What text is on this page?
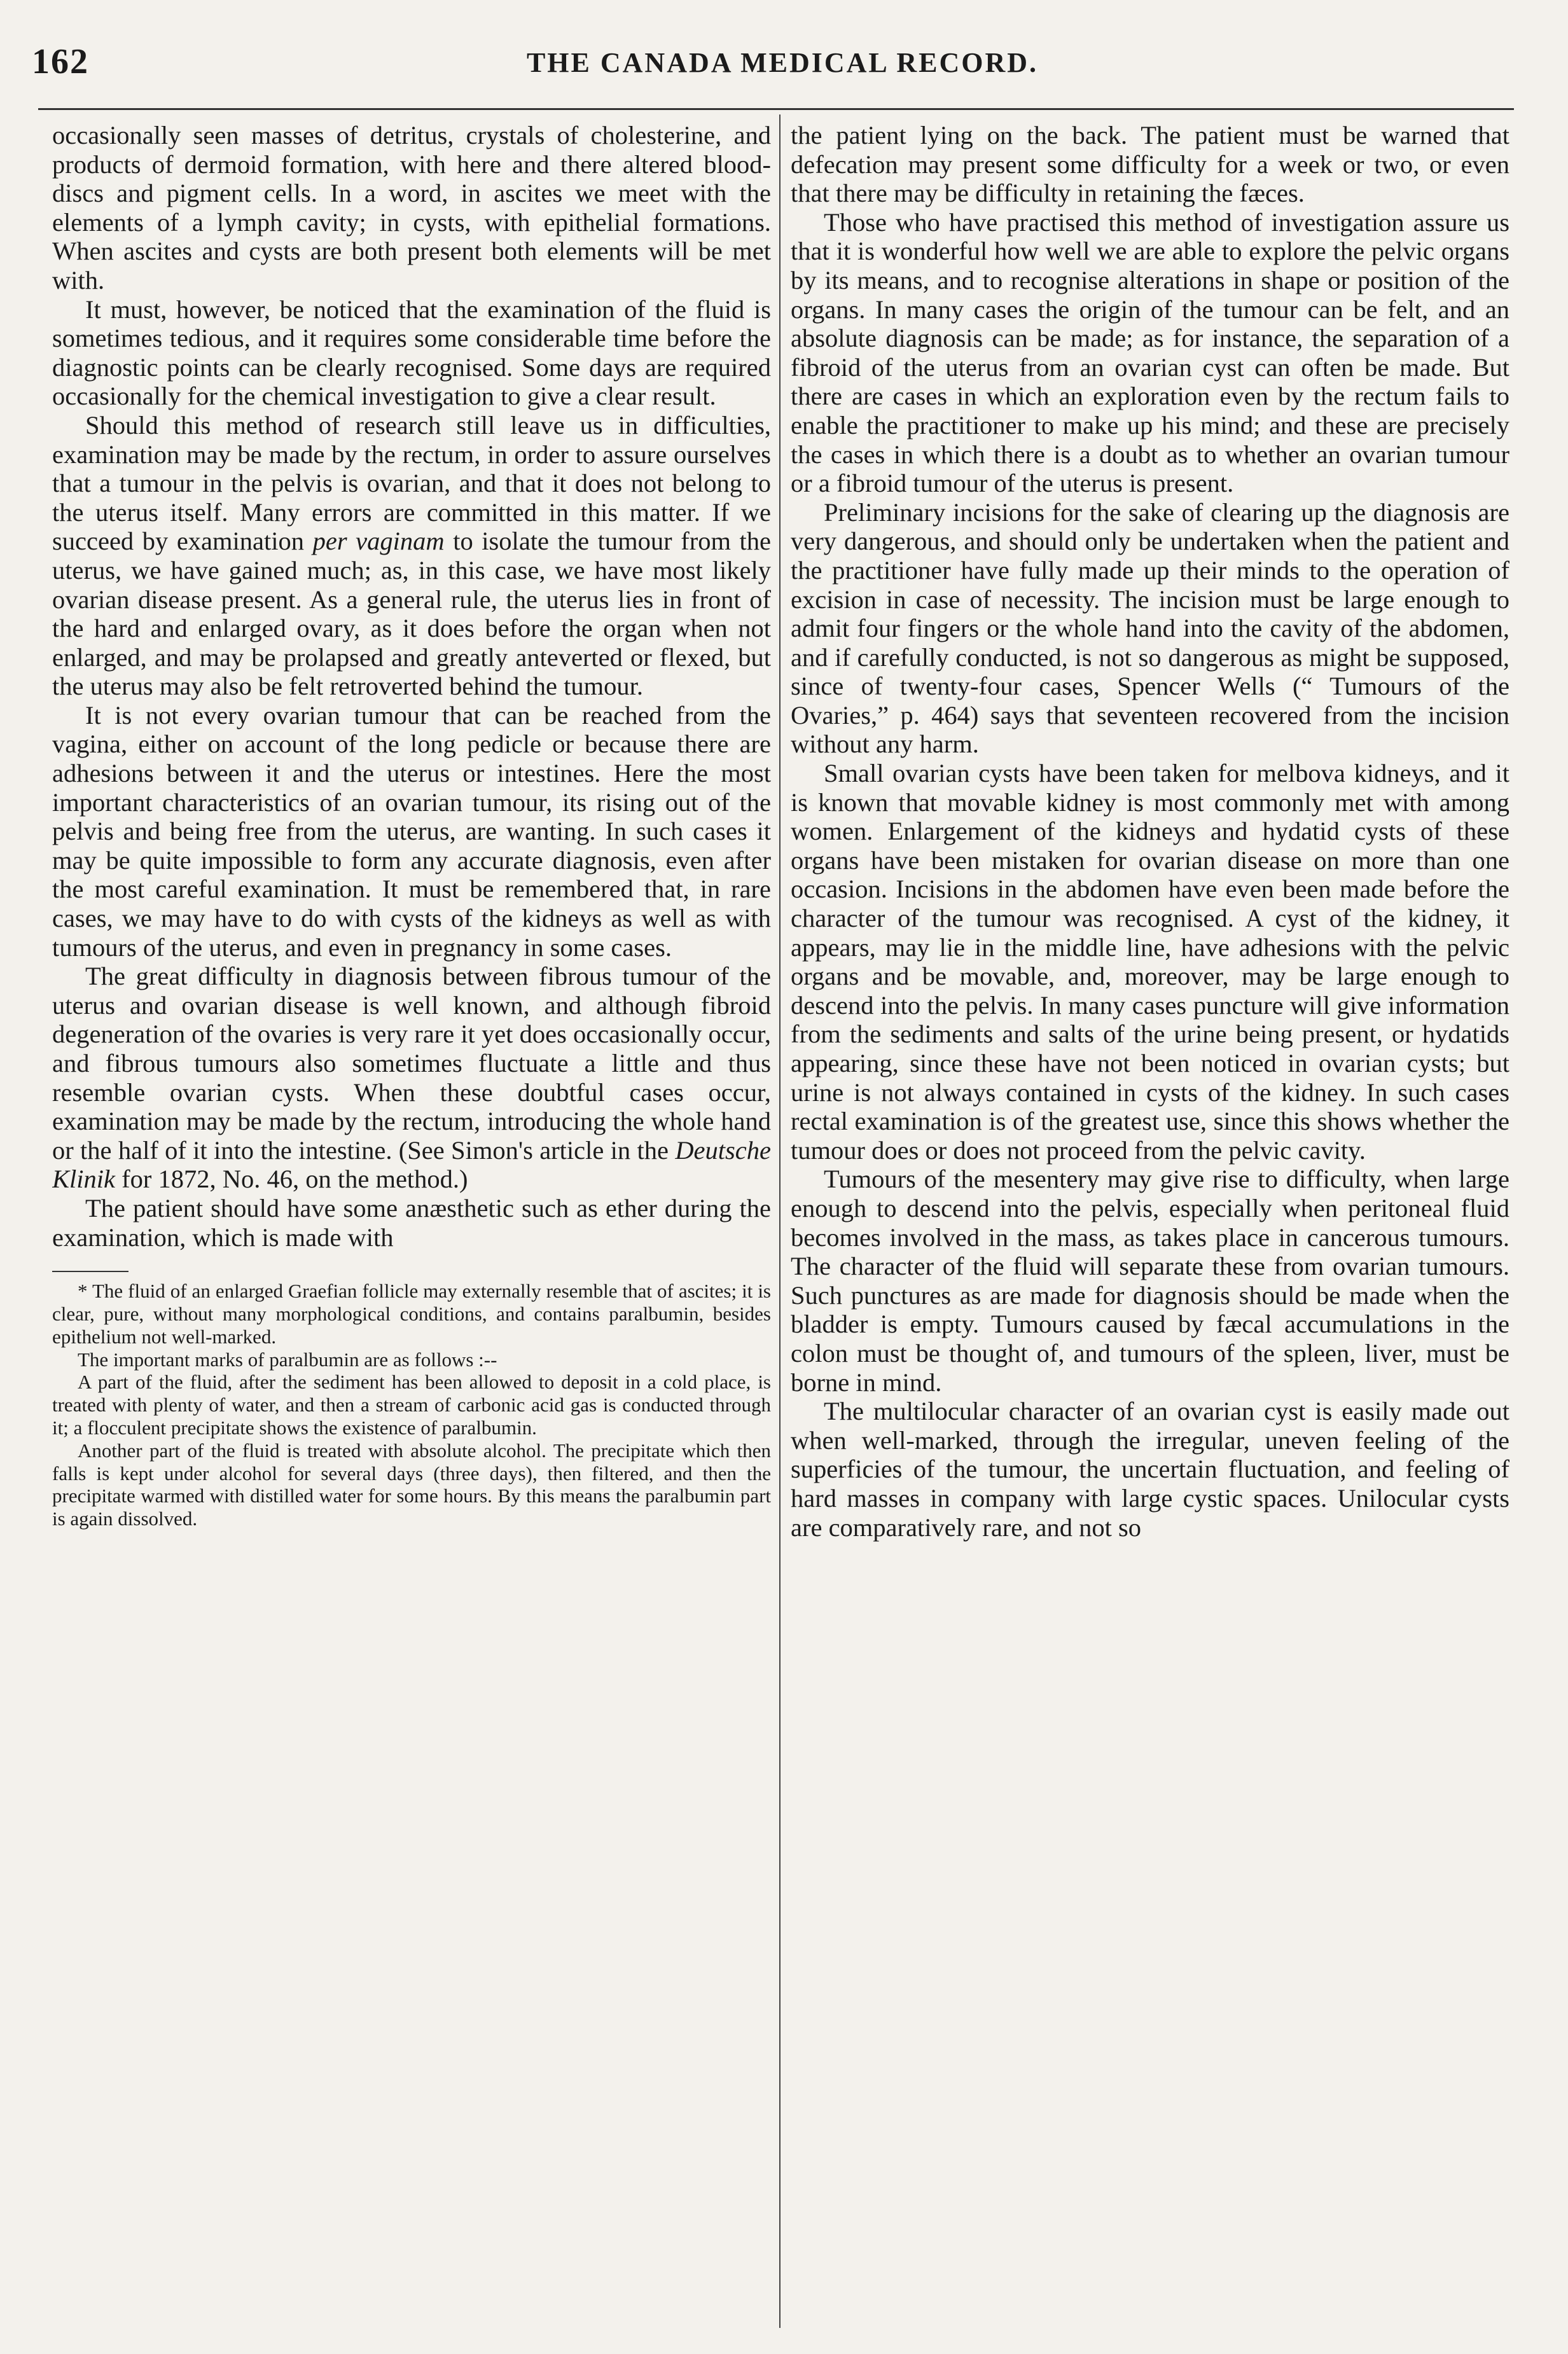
162	THE CANADA MEDICAL RECORD.

occasionally seen masses of detritus, crystals of cholesterine, and products of dermoid formation, with here and there altered blood-discs and pigment cells. In a word, in ascites we meet with the elements of a lymph cavity; in cysts, with epithelial formations. When ascites and cysts are both present both elements will be met with.

It must, however, be noticed that the examination of the fluid is sometimes tedious, and it requires some considerable time before the diagnostic points can be clearly recognised. Some days are required occasionally for the chemical investigation to give a clear result.

Should this method of research still leave us in difficulties, examination may be made by the rectum, in order to assure ourselves that a tumour in the pelvis is ovarian, and that it does not belong to the uterus itself. Many errors are committed in this matter. If we succeed by examination per vaginam to isolate the tumour from the uterus, we have gained much; as, in this case, we have most likely ovarian disease present. As a general rule, the uterus lies in front of the hard and enlarged ovary, as it does before the organ when not enlarged, and may be prolapsed and greatly anteverted or flexed, but the uterus may also be felt retroverted behind the tumour.

It is not every ovarian tumour that can be reached from the vagina, either on account of the long pedicle or because there are adhesions between it and the uterus or intestines. Here the most important characteristics of an ovarian tumour, its rising out of the pelvis and being free from the uterus, are wanting. In such cases it may be quite impossible to form any accurate diagnosis, even after the most careful examination. It must be remembered that, in rare cases, we may have to do with cysts of the kidneys as well as with tumours of the uterus, and even in pregnancy in some cases.

The great difficulty in diagnosis between fibrous tumour of the uterus and ovarian disease is well known, and although fibroid degeneration of the ovaries is very rare it yet does occasionally occur, and fibrous tumours also sometimes fluctuate a little and thus resemble ovarian cysts. When these doubtful cases occur, examination may be made by the rectum, introducing the whole hand or the half of it into the intestine. (See Simon's article in the Deutsche Klinik for 1872, No. 46, on the method.)

The patient should have some anæsthetic such as ether during the examination, which is made with

* The fluid of an enlarged Graefian follicle may externally resemble that of ascites; it is clear, pure, without many morphological conditions, and contains paralbumin, besides epithelium not well-marked.

The important marks of paralbumin are as follows :--

A part of the fluid, after the sediment has been allowed to deposit in a cold place, is treated with plenty of water, and then a stream of carbonic acid gas is conducted through it; a flocculent precipitate shows the existence of paralbumin.

Another part of the fluid is treated with absolute alcohol. The precipitate which then falls is kept under alcohol for several days (three days), then filtered, and then the precipitate warmed with distilled water for some hours. By this means the paralbumin part is again dissolved.

the patient lying on the back. The patient must be warned that defecation may present some difficulty for a week or two, or even that there may be difficulty in retaining the fæces.

Those who have practised this method of investigation assure us that it is wonderful how well we are able to explore the pelvic organs by its means, and to recognise alterations in shape or position of the organs. In many cases the origin of the tumour can be felt, and an absolute diagnosis can be made; as for instance, the separation of a fibroid of the uterus from an ovarian cyst can often be made. But there are cases in which an exploration even by the rectum fails to enable the practitioner to make up his mind; and these are precisely the cases in which there is a doubt as to whether an ovarian tumour or a fibroid tumour of the uterus is present.

Preliminary incisions for the sake of clearing up the diagnosis are very dangerous, and should only be undertaken when the patient and the practitioner have fully made up their minds to the operation of excision in case of necessity. The incision must be large enough to admit four fingers or the whole hand into the cavity of the abdomen, and if carefully conducted, is not so dangerous as might be supposed, since of twenty-four cases, Spencer Wells (“ Tumours of the Ovaries,” p. 464) says that seventeen recovered from the incision without any harm.

Small ovarian cysts have been taken for melbova kidneys, and it is known that movable kidney is most commonly met with among women. Enlargement of the kidneys and hydatid cysts of these organs have been mistaken for ovarian disease on more than one occasion. Incisions in the abdomen have even been made before the character of the tumour was recognised. A cyst of the kidney, it appears, may lie in the middle line, have adhesions with the pelvic organs and be movable, and, moreover, may be large enough to descend into the pelvis. In many cases puncture will give information from the sediments and salts of the urine being present, or hydatids appearing, since these have not been noticed in ovarian cysts; but urine is not always contained in cysts of the kidney. In such cases rectal examination is of the greatest use, since this shows whether the tumour does or does not proceed from the pelvic cavity.

Tumours of the mesentery may give rise to difficulty, when large enough to descend into the pelvis, especially when peritoneal fluid becomes involved in the mass, as takes place in cancerous tumours. The character of the fluid will separate these from ovarian tumours. Such punctures as are made for diagnosis should be made when the bladder is empty. Tumours caused by fæcal accumulations in the colon must be thought of, and tumours of the spleen, liver, must be borne in mind.

The multilocular character of an ovarian cyst is easily made out when well-marked, through the irregular, uneven feeling of the superficies of the tumour, the uncertain fluctuation, and feeling of hard masses in company with large cystic spaces. Unilocular cysts are comparatively rare, and not so
